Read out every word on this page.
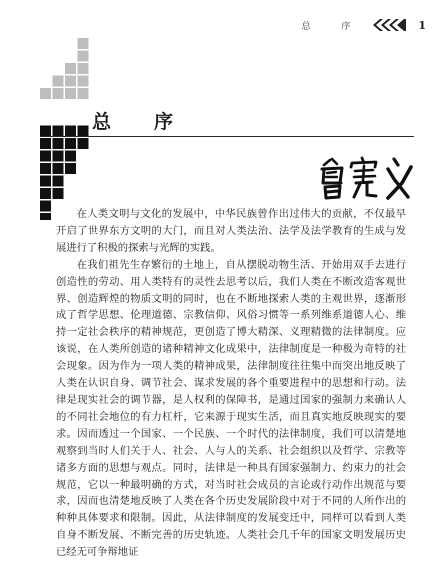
总 序	1
总序

在人类文明与文化的发展中，中华民族曾作出过伟大的贡献，不仅最早开启了世界东方文明的大门，而且对人类法治、法学及法学教育的生成与发展进行了积极的探索与光辉的实践。

在我们祖先生存繁衍的土地上，自从摆脱动物生活、开始用双手去进行创造性的劳动、用人类特有的灵性去思考以后，我们人类在不断改造客观世界、创造辉煌的物质文明的同时，也在不断地探索人类的主观世界，逐渐形成了哲学思想、伦理道德、宗教信仰、风俗习惯等一系列维系道德人心、维持一定社会秩序的精神规范，更创造了博大精深、义理精微的法律制度。应该说，在人类所创造的诸种精神文化成果中，法律制度是一种极为奇特的社会现象。因为作为一项人类的精神成果，法律制度往往集中而突出地反映了人类在认识自身、调节社会、谋求发展的各个重要进程中的思想和行动。法律是现实社会的调节器，是人权利的保障书，是通过国家的强制力来确认人的不同社会地位的有力杠杆，它来源于现实生活，而且真实地反映现实的要求。因而透过一个国家、一个民族、一个时代的法律制度，我们可以清楚地观察到当时人们关于人、社会、人与人的关系、社会组织以及哲学、宗教等诸多方面的思想与观点。同时，法律是一种具有国家强制力、约束力的社会规范，它以一种最明确的方式，对当时社会成员的言论或行动作出规范与要求，因而也清楚地反映了人类在各个历史发展阶段中对于不同的人所作出的种种具体要求和限制。因此，从法律制度的发展变迁中，同样可以看到人类自身不断发展、不断完善的历史轨迹。人类社会几千年的国家文明发展历史已经无可争辩地证
